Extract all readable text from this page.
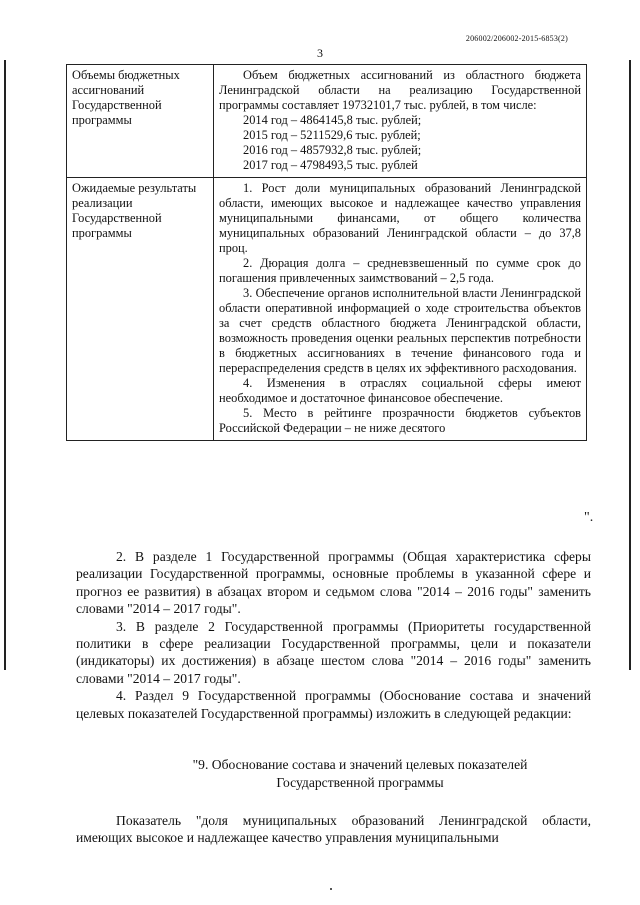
206002/206002-2015-6853(2)
3
Объемы бюджетных ассигнований Государственной программы	Объем бюджетных ассигнований из областного бюджета Ленинградской области на реализацию Государственной программы составляет 19732101,7 тыс. рублей, в том числе:

2014 год – 4864145,8 тыс. рублей;

2015 год – 5211529,6 тыс. рублей;

2016 год – 4857932,8 тыс. рублей;

2017 год – 4798493,5 тыс. рублей

Ожидаемые результаты реализации Государственной программы	1. Рост доли муниципальных образований Ленинградской области, имеющих высокое и надлежащее качество управления муниципальными финансами, от общего количества муниципальных образований Ленинградской области – до 37,8 проц.

2. Дюрация долга – средневзвешенный по сумме срок до погашения привлеченных заимствований – 2,5 года.

3. Обеспечение органов исполнительной власти Ленинградской области оперативной информацией о ходе строительства объектов за счет средств областного бюджета Ленинградской области, возможность проведения оценки реальных перспектив потребности в бюджетных ассигнованиях в течение финансового года и перераспределения средств в целях их эффективного расходования.

4. Изменения в отраслях социальной сферы имеют необходимое и достаточное финансовое обеспечение.

5. Место в рейтинге прозрачности бюджетов субъектов Российской Федерации – не ниже десятого

".

2. В разделе 1 Государственной программы (Общая характеристика сферы реализации Государственной программы, основные проблемы в указанной сфере и прогноз ее развития) в абзацах втором и седьмом слова "2014 – 2016 годы" заменить словами "2014 – 2017 годы".

3. В разделе 2 Государственной программы (Приоритеты государственной политики в сфере реализации Государственной программы, цели и показатели (индикаторы) их достижения) в абзаце шестом слова "2014 – 2016 годы" заменить словами "2014 – 2017 годы".

4. Раздел 9 Государственной программы (Обоснование состава и значений целевых показателей Государственной программы) изложить в следующей редакции:

"9. Обоснование состава и значений целевых показателей
Государственной программы

Показатель "доля муниципальных образований Ленинградской области, имеющих высокое и надлежащее качество управления муниципальными
